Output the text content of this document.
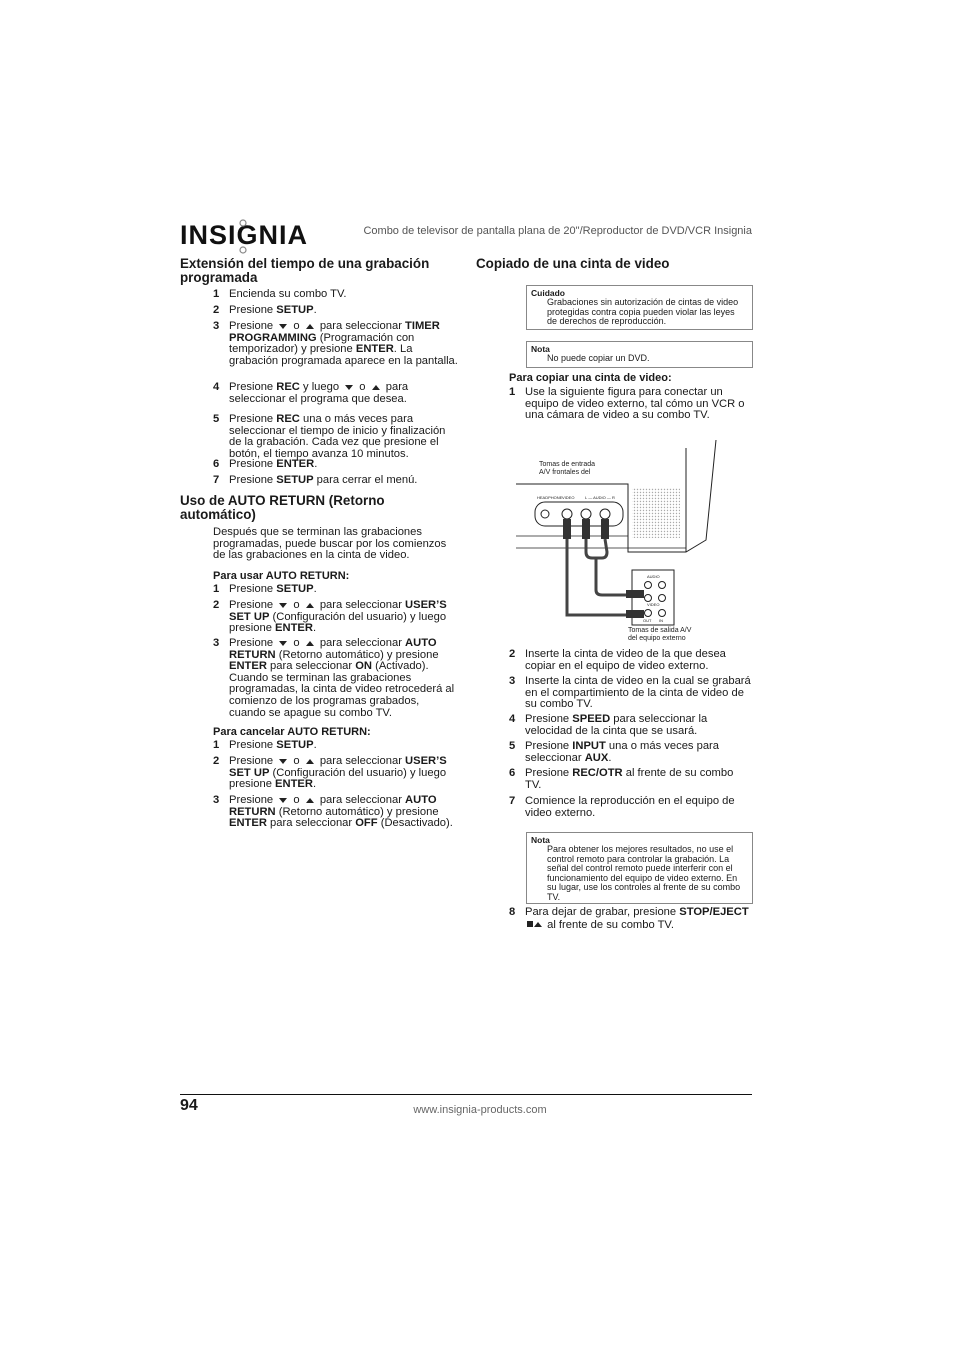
INSIGNIA	Combo de televisor de pantalla plana de 20"/Reproductor de DVD/VCR Insignia
Extensión del tiempo de una grabación programada
1 Encienda su combo TV.
2 Presione SETUP.
3 Presione  o  para seleccionar TIMER PROGRAMMING (Programación con temporizador) y presione ENTER. La grabación programada aparece en la pantalla.
4 Presione REC y luego  o  para seleccionar el programa que desea.
5 Presione REC una o más veces para seleccionar el tiempo de inicio y finalización de la grabación. Cada vez que presione el botón, el tiempo avanza 10 minutos.
6 Presione ENTER.
7 Presione SETUP para cerrar el menú.
Uso de AUTO RETURN (Retorno automático)
Después que se terminan las grabaciones programadas, puede buscar por los comienzos de las grabaciones en la cinta de video.
Para usar AUTO RETURN:
1 Presione SETUP.
2 Presione  o  para seleccionar USER’S SET UP (Configuración del usuario) y luego presione ENTER.
3 Presione  o  para seleccionar AUTO RETURN (Retorno automático) y presione ENTER para seleccionar ON (Activado). Cuando se terminan las grabaciones programadas, la cinta de video retrocederá al comienzo de los programas grabados, cuando se apague su combo TV.
Para cancelar AUTO RETURN:
1 Presione SETUP.
2 Presione  o  para seleccionar USER’S SET UP (Configuración del usuario) y luego presione ENTER.
3 Presione  o  para seleccionar AUTO RETURN (Retorno automático) y presione ENTER para seleccionar OFF (Desactivado).
Copiado de una cinta de video
Cuidado
Grabaciones sin autorización de cintas de video protegidas contra copia pueden violar las leyes de derechos de reproducción.
Nota
No puede copiar un DVD.
Para copiar una cinta de video:
1 Use la siguiente figura para conectar un equipo de video externo, tal cómo un VCR o una cámara de video a su combo TV.
Tomas de entrada
A/V frontales del
HEADPHONE VIDEO	L — AUDIO — R
AUDIO
VIDEO
OUT IN
Tomas de salida A/V
del equipo externo
2 Inserte la cinta de video de la que desea copiar en el equipo de video externo.
3 Inserte la cinta de video en la cual se grabará en el compartimiento de la cinta de video de su combo TV.
4 Presione SPEED para seleccionar la velocidad de la cinta que se usará.
5 Presione INPUT una o más veces para seleccionar AUX.
6 Presione REC/OTR al frente de su combo TV.
7 Comience la reproducción en el equipo de video externo.
Nota
Para obtener los mejores resultados, no use el control remoto para controlar la grabación. La señal del control remoto puede interferir con el funcionamiento del equipo de video externo. En su lugar, use los controles al frente de su combo TV.
8 Para dejar de grabar, presione STOP/EJECT  al frente de su combo TV.
94	www.insignia-products.com
